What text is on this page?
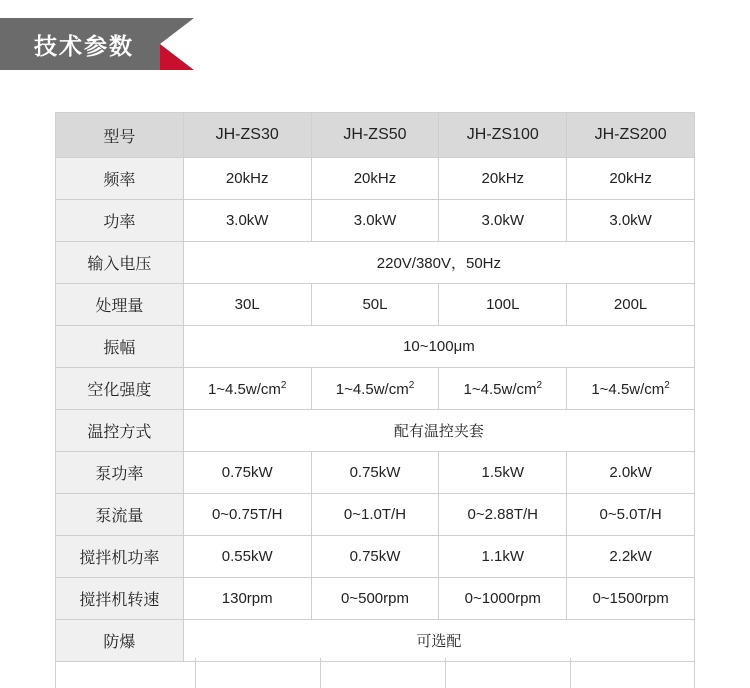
技术参数
型号	JH-ZS30	JH-ZS50	JH-ZS100	JH-ZS200
频率	20kHz	20kHz	20kHz	20kHz
功率	3.0kW	3.0kW	3.0kW	3.0kW
输入电压	220V/380V，50Hz			
处理量	30L	50L	100L	200L
振幅	10~100μm			
空化强度	$1\sim 4.5w/cm^2$	$1\sim 4.5w/cm^2$	$1\sim 4.5w/cm^2$	$1\sim 4.5w/cm^2$
温控方式	配有温控夹套			
泵功率	0.75kW	0.75kW	1.5kW	2.0kW
泵流量	0~0.75T/H	0~1.0T/H	0~2.88T/H	0~5.0T/H
搅拌机功率	0.55kW	0.75kW	1.1kW	2.2kW
搅拌机转速	130rpm	0~500rpm	0~1000rpm	0~1500rpm
防爆	可选配			
